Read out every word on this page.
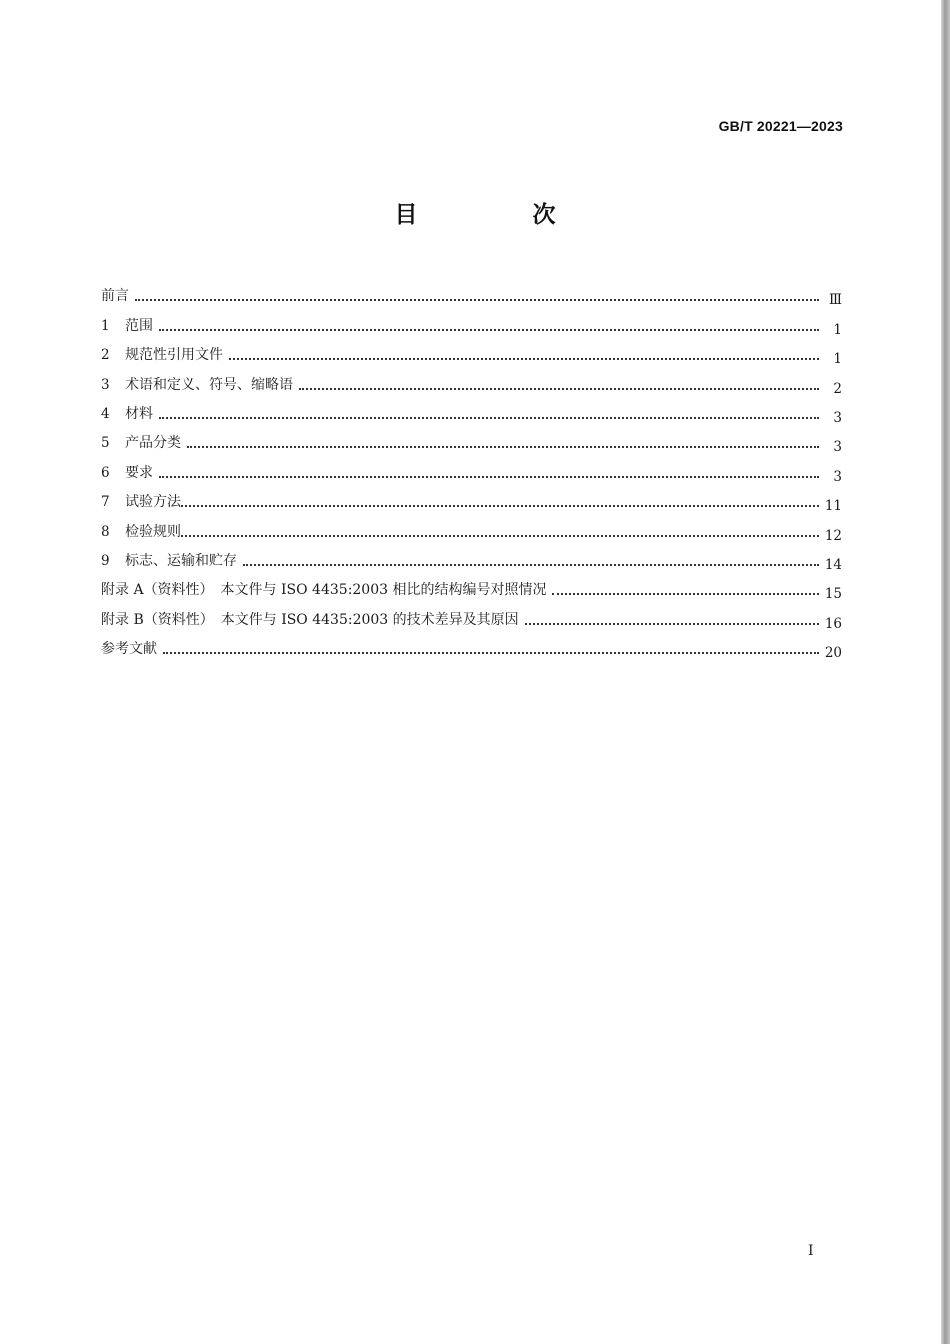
GB/T 20221—2023
目　次
前言	Ⅲ
1	范围	1
2	规范性引用文件	1
3	术语和定义、符号、缩略语	2
4	材料	3
5	产品分类	3
6	要求	3
7	试验方法	11
8	检验规则	12
9	标志、运输和贮存	14
附录 A（资料性）　本文件与 ISO 4435:2003 相比的结构编号对照情况	15
附录 B（资料性）　本文件与 ISO 4435:2003 的技术差异及其原因	16
参考文献	20
I
